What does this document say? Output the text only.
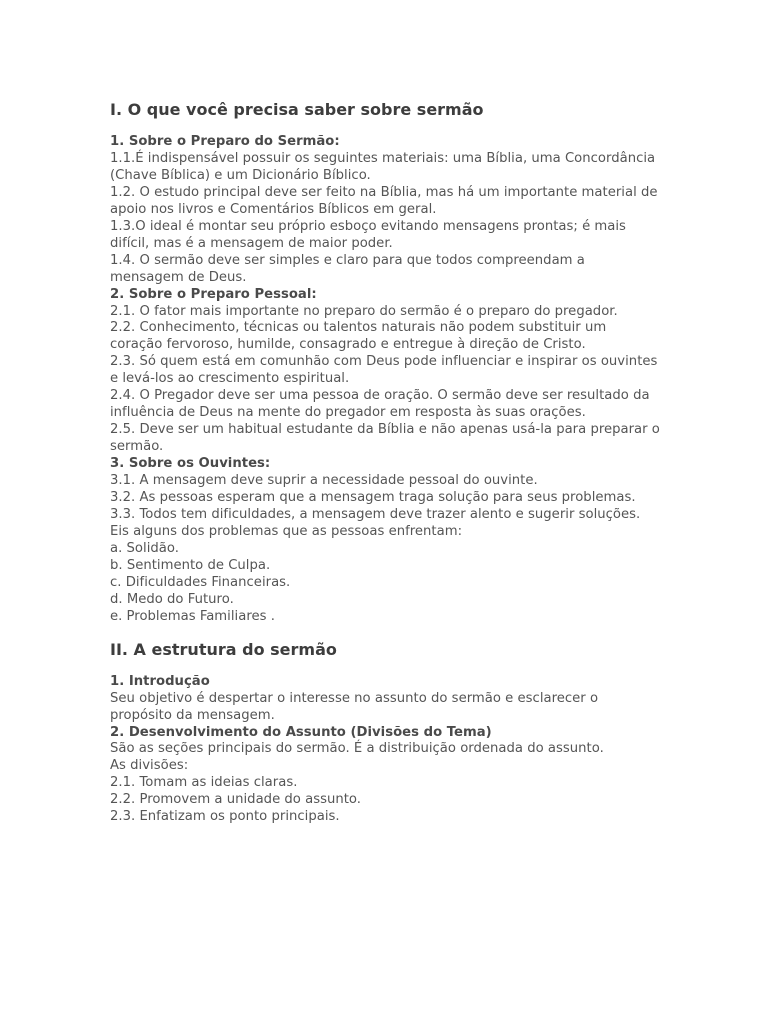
I. O que você precisa saber sobre sermão

1. Sobre o Preparo do Sermão:

1.1.É indispensável possuir os seguintes materiais: uma Bíblia, uma Concordância (Chave Bíblica) e um Dicionário Bíblico.

1.2. O estudo principal deve ser feito na Bíblia, mas há um importante material de apoio nos livros e Comentários Bíblicos em geral.

1.3.O ideal é montar seu próprio esboço evitando mensagens prontas; é mais difícil, mas é a mensagem de maior poder.

1.4. O sermão deve ser simples e claro para que todos compreendam a mensagem de Deus.

2. Sobre o Preparo Pessoal:

2.1. O fator mais importante no preparo do sermão é o preparo do pregador.

2.2. Conhecimento, técnicas ou talentos naturais não podem substituir um coração fervoroso, humilde, consagrado e entregue à direção de Cristo.

2.3. Só quem está em comunhão com Deus pode influenciar e inspirar os ouvintes e levá-los ao crescimento espiritual.

2.4. O Pregador deve ser uma pessoa de oração. O sermão deve ser resultado da influência de Deus na mente do pregador em resposta às suas orações.

2.5. Deve ser um habitual estudante da Bíblia e não apenas usá-la para preparar o sermão.

3. Sobre os Ouvintes:

3.1. A mensagem deve suprir a necessidade pessoal do ouvinte.

3.2. As pessoas esperam que a mensagem traga solução para seus problemas.

3.3. Todos tem dificuldades, a mensagem deve trazer alento e sugerir soluções. Eis alguns dos problemas que as pessoas enfrentam:

a. Solidão.

b. Sentimento de Culpa.

c. Dificuldades Financeiras.

d. Medo do Futuro.

e. Problemas Familiares .

II. A estrutura do sermão

1. Introdução

Seu objetivo é despertar o interesse no assunto do sermão e esclarecer o propósito da mensagem.

2. Desenvolvimento do Assunto (Divisões do Tema)

São as seções principais do sermão. É a distribuição ordenada do assunto.

As divisões:

2.1. Tomam as ideias claras.

2.2. Promovem a unidade do assunto.

2.3. Enfatizam os ponto principais.
